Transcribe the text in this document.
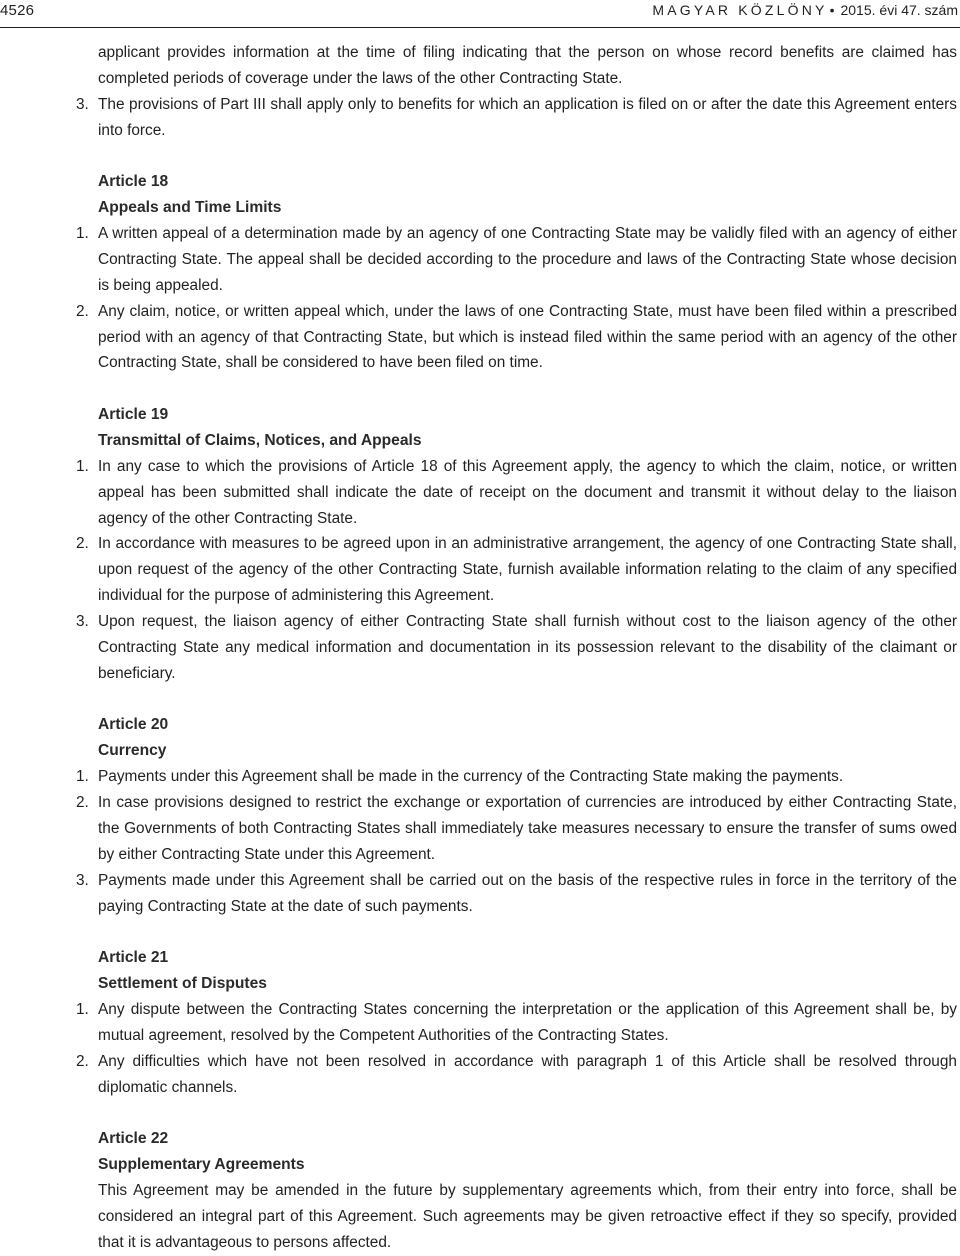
4526	MAGYAR KÖZLÖNY • 2015. évi 47. szám

applicant provides information at the time of filing indicating that the person on whose record benefits are claimed has completed periods of coverage under the laws of the other Contracting State.

3. The provisions of Part III shall apply only to benefits for which an application is filed on or after the date this Agreement enters into force.

Article 18

Appeals and Time Limits

1. A written appeal of a determination made by an agency of one Contracting State may be validly filed with an agency of either Contracting State. The appeal shall be decided according to the procedure and laws of the Contracting State whose decision is being appealed.
2. Any claim, notice, or written appeal which, under the laws of one Contracting State, must have been filed within a prescribed period with an agency of that Contracting State, but which is instead filed within the same period with an agency of the other Contracting State, shall be considered to have been filed on time.

Article 19

Transmittal of Claims, Notices, and Appeals

1. In any case to which the provisions of Article 18 of this Agreement apply, the agency to which the claim, notice, or written appeal has been submitted shall indicate the date of receipt on the document and transmit it without delay to the liaison agency of the other Contracting State.
2. In accordance with measures to be agreed upon in an administrative arrangement, the agency of one Contracting State shall, upon request of the agency of the other Contracting State, furnish available information relating to the claim of any specified individual for the purpose of administering this Agreement.
3. Upon request, the liaison agency of either Contracting State shall furnish without cost to the liaison agency of the other Contracting State any medical information and documentation in its possession relevant to the disability of the claimant or beneficiary.

Article 20

Currency

1. Payments under this Agreement shall be made in the currency of the Contracting State making the payments.
2. In case provisions designed to restrict the exchange or exportation of currencies are introduced by either Contracting State, the Governments of both Contracting States shall immediately take measures necessary to ensure the transfer of sums owed by either Contracting State under this Agreement.
3. Payments made under this Agreement shall be carried out on the basis of the respective rules in force in the territory of the paying Contracting State at the date of such payments.

Article 21

Settlement of Disputes

1. Any dispute between the Contracting States concerning the interpretation or the application of this Agreement shall be, by mutual agreement, resolved by the Competent Authorities of the Contracting States.
2. Any difficulties which have not been resolved in accordance with paragraph 1 of this Article shall be resolved through diplomatic channels.

Article 22

Supplementary Agreements

This Agreement may be amended in the future by supplementary agreements which, from their entry into force, shall be considered an integral part of this Agreement. Such agreements may be given retroactive effect if they so specify, provided that it is advantageous to persons affected.
